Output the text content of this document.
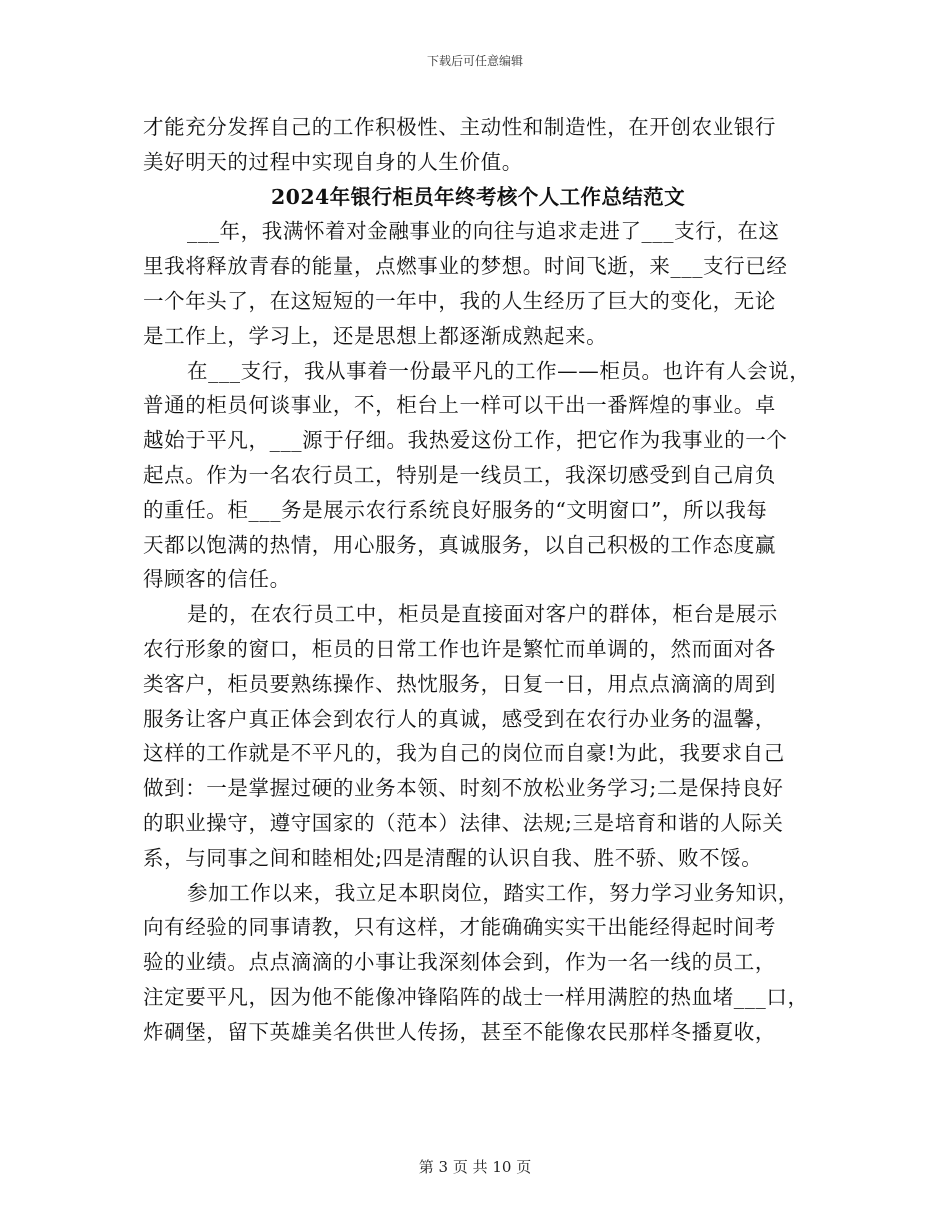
下载后可任意编辑
才能充分发挥自己的工作积极性、主动性和制造性，在开创农业银行
美好明天的过程中实现自身的人生价值。
2024年银行柜员年终考核个人工作总结范文
___年，我满怀着对金融事业的向往与追求走进了___支行，在这
里我将释放青春的能量，点燃事业的梦想。时间飞逝，来___支行已经
一个年头了，在这短短的一年中，我的人生经历了巨大的变化，无论
是工作上，学习上，还是思想上都逐渐成熟起来。
在___支行，我从事着一份最平凡的工作——柜员。也许有人会说，
普通的柜员何谈事业，不，柜台上一样可以干出一番辉煌的事业。卓
越始于平凡，___源于仔细。我热爱这份工作，把它作为我事业的一个
起点。作为一名农行员工，特别是一线员工，我深切感受到自己肩负
的重任。柜___务是展示农行系统良好服务的“文明窗口”，所以我每
天都以饱满的热情，用心服务，真诚服务，以自己积极的工作态度赢
得顾客的信任。
是的，在农行员工中，柜员是直接面对客户的群体，柜台是展示
农行形象的窗口，柜员的日常工作也许是繁忙而单调的，然而面对各
类客户，柜员要熟练操作、热忱服务，日复一日，用点点滴滴的周到
服务让客户真正体会到农行人的真诚，感受到在农行办业务的温馨，
这样的工作就是不平凡的，我为自己的岗位而自豪!为此，我要求自己
做到：一是掌握过硬的业务本领、时刻不放松业务学习;二是保持良好
的职业操守，遵守国家的（范本）法律、法规;三是培育和谐的人际关
系，与同事之间和睦相处;四是清醒的认识自我、胜不骄、败不馁。
参加工作以来，我立足本职岗位，踏实工作，努力学习业务知识，
向有经验的同事请教，只有这样，才能确确实实干出能经得起时间考
验的业绩。点点滴滴的小事让我深刻体会到，作为一名一线的员工，
注定要平凡，因为他不能像冲锋陷阵的战士一样用满腔的热血堵___口，
炸碉堡，留下英雄美名供世人传扬，甚至不能像农民那样冬播夏收，
第 3 页 共 10 页
